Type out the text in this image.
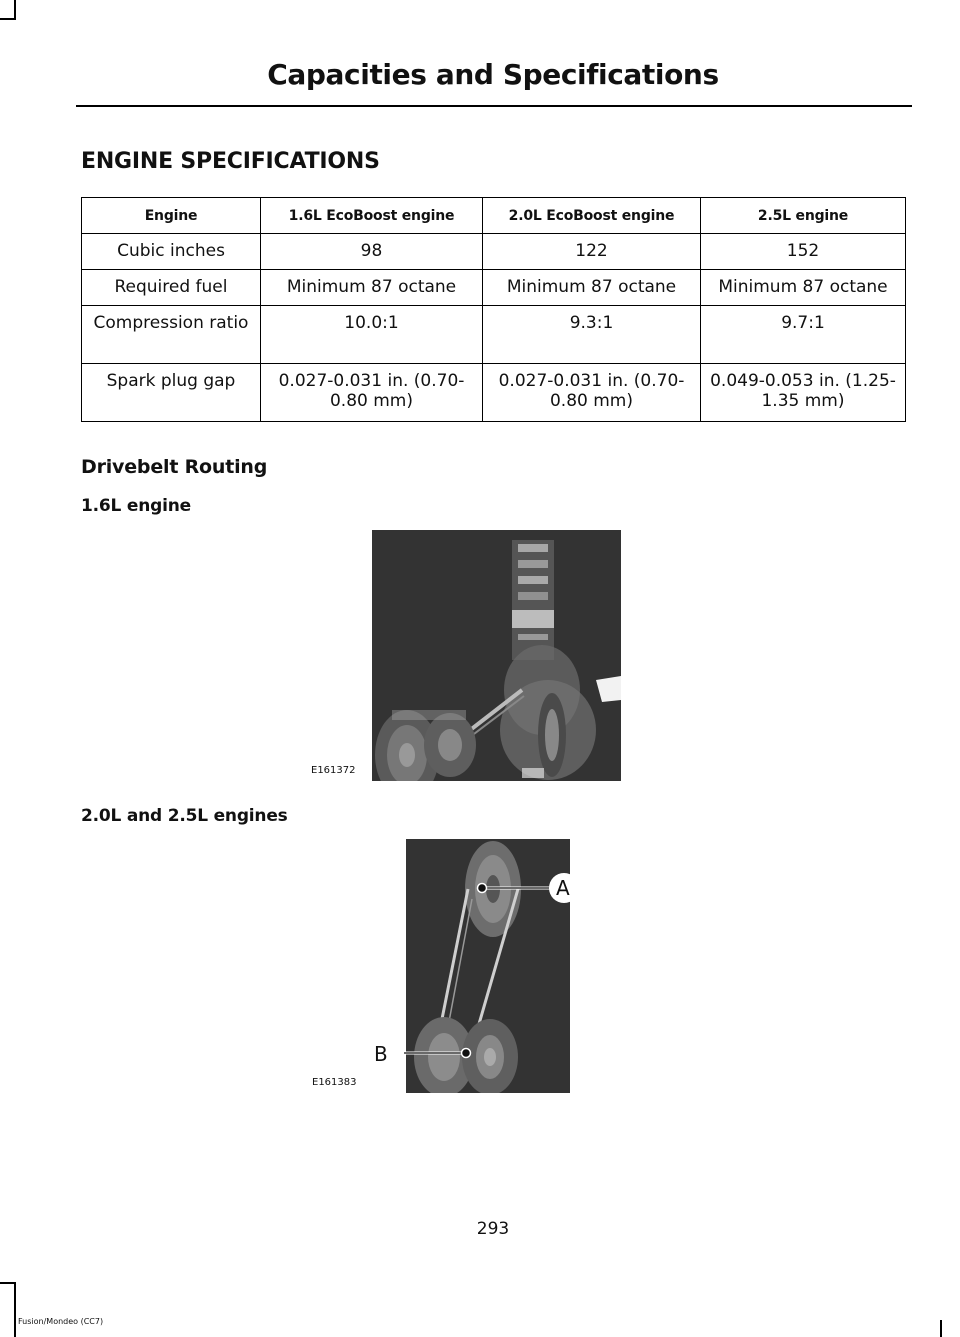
Capacities and Specifications
ENGINE SPECIFICATIONS
Engine	1.6L EcoBoost engine	2.0L EcoBoost engine	2.5L engine
Cubic inches	98	122	152
Required fuel	Minimum 87 octane	Minimum 87 octane	Minimum 87 octane
Compression ratio	10.0:1	9.3:1	9.7:1
Spark plug gap	0.027-0.031 in. (0.70-0.80 mm)	0.027-0.031 in. (0.70-0.80 mm)	0.049-0.053 in. (1.25-1.35 mm)
Drivebelt Routing
1.6L engine
E161372
2.0L and 2.5L engines
A
B
E161383
293
Fusion/Mondeo (CC7)
